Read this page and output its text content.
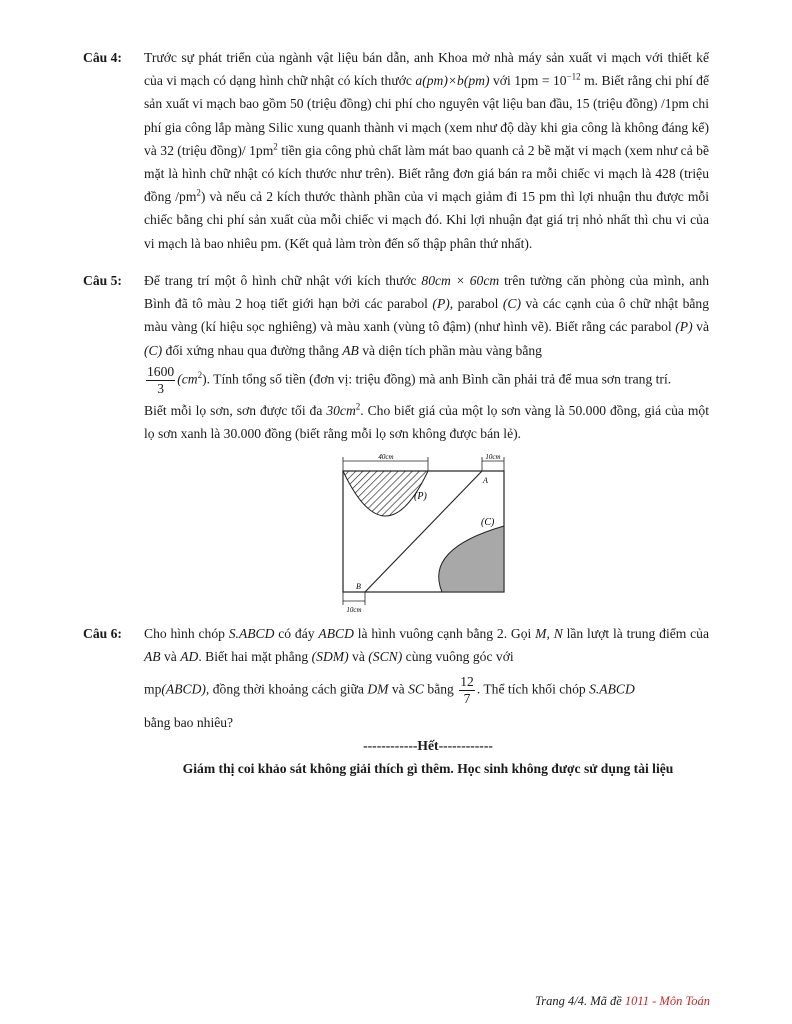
Câu 4: Trước sự phát triển của ngành vật liệu bán dẫn, anh Khoa mở nhà máy sản xuất vi mạch với thiết kế của vi mạch có dạng hình chữ nhật có kích thước a(pm)×b(pm) với $1pm = 10^{-12}$ m. Biết rằng chi phí để sản xuất vi mạch bao gồm 50 (triệu đồng) chi phí cho nguyên vật liệu ban đầu, 15 (triệu đồng) /1pm chi phí gia công lắp màng Silic xung quanh thành vi mạch (xem như độ dày khi gia công là không đáng kể) và 32 (triệu đồng)/ $1pm^2$ tiền gia công phủ chất làm mát bao quanh cả 2 bề mặt vi mạch (xem như cả bề mặt là hình chữ nhật có kích thước như trên). Biết rằng đơn giá bán ra mỗi chiếc vi mạch là 428 (triệu đồng $/pm^2$) và nếu cả 2 kích thước thành phần của vi mạch giảm đi 15 pm thì lợi nhuận thu được mỗi chiếc bằng chi phí sản xuất của mỗi chiếc vi mạch đó. Khi lợi nhuận đạt giá trị nhỏ nhất thì chu vi của vi mạch là bao nhiêu pm. (Kết quả làm tròn đến số thập phân thứ nhất).

Câu 5: Để trang trí một ô hình chữ nhật với kích thước 80cm × 60cm trên tường căn phòng của mình, anh Bình đã tô màu 2 hoạ tiết giới hạn bởi các parabol (P), parabol (C) và các cạnh của ô chữ nhật bằng màu vàng (kí hiệu sọc nghiêng) và màu xanh (vùng tô đậm) (như hình vẽ). Biết rằng các parabol (P) và (C) đối xứng nhau qua đường thẳng AB và diện tích phần màu vàng bằng

$\frac{1600}{3} (cm^2)$. Tính tổng số tiền (đơn vị: triệu đồng) mà anh Bình cần phải trả để mua sơn trang trí.

Biết mỗi lọ sơn, sơn được tối đa $30cm^2$. Cho biết giá của một lọ sơn vàng là 50.000 đồng, giá của một lọ sơn xanh là 30.000 đồng (biết rằng mỗi lọ sơn không được bán lẻ).

40cm	10cm
A
B
(P)
(C)
10cm
Câu 6: Cho hình chóp S.ABCD có đáy ABCD là hình vuông cạnh bằng 2. Gọi M, N lần lượt là trung điểm của AB và AD. Biết hai mặt phẳng (SDM) và (SCN) cùng vuông góc với

mp(ABCD), đồng thời khoảng cách giữa DM và SC bằng $\frac{12}{7}$ . Thể tích khối chóp S.ABCD

bằng bao nhiêu?

------------Hết------------
Giám thị coi khảo sát không giải thích gì thêm. Học sinh không được sử dụng tài liệu
Trang 4/4. Mã đề 1011 - Môn Toán
